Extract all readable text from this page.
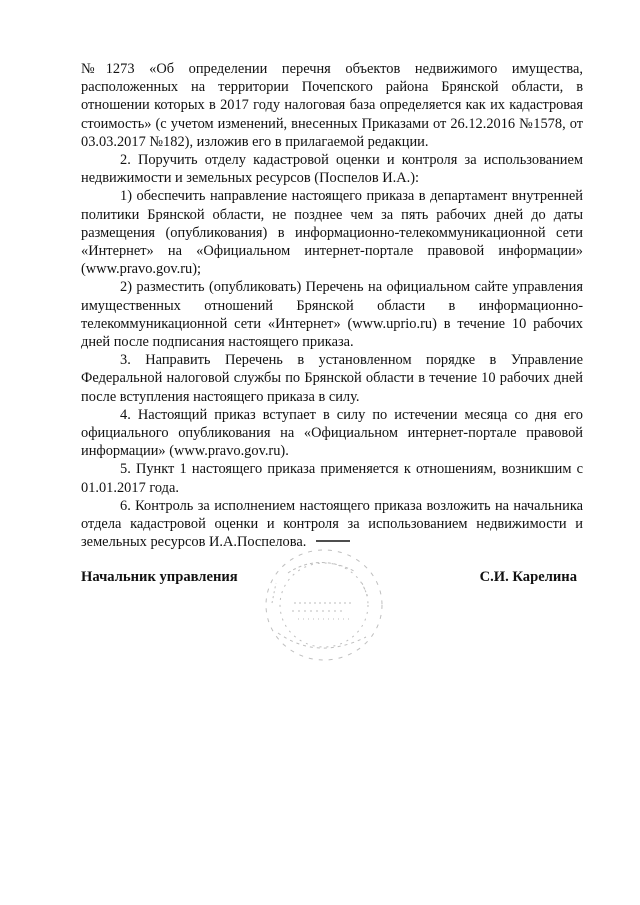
№1273 «Об определении перечня объектов недвижимого имущества, расположенных на территории Почепского района Брянской области, в отношении которых в 2017 году налоговая база определяется как их кадастровая стоимость» (с учетом изменений, внесенных Приказами от 26.12.2016 №1578, от 03.03.2017 №182), изложив его в прилагаемой редакции.

2. Поручить отделу кадастровой оценки и контроля за использованием недвижимости и земельных ресурсов (Поспелов И.А.):

1) обеспечить направление настоящего приказа в департамент внутренней политики Брянской области, не позднее чем за пять рабочих дней до даты размещения (опубликования) в информационно-телекоммуникационной сети «Интернет» на «Официальном интернет-портале правовой информации» (www.pravo.gov.ru);

2) разместить (опубликовать) Перечень на официальном сайте управления имущественных отношений Брянской области в информационно-телекоммуникационной сети «Интернет» (www.uprio.ru) в течение 10 рабочих дней после подписания настоящего приказа.

3. Направить Перечень в установленном порядке в Управление Федеральной налоговой службы по Брянской области в течение 10 рабочих дней после вступления настоящего приказа в силу.

4. Настоящий приказ вступает в силу по истечении месяца со дня его официального опубликования на «Официальном интернет-портале правовой информации» (www.pravo.gov.ru).

5. Пункт 1 настоящего приказа применяется к отношениям, возникшим с 01.01.2017 года.

6. Контроль за исполнением настоящего приказа возложить на начальника отдела кадастровой оценки и контроля за использованием недвижимости и земельных ресурсов И.А.Поспелова.

Начальник управления	С.И. Карелина
